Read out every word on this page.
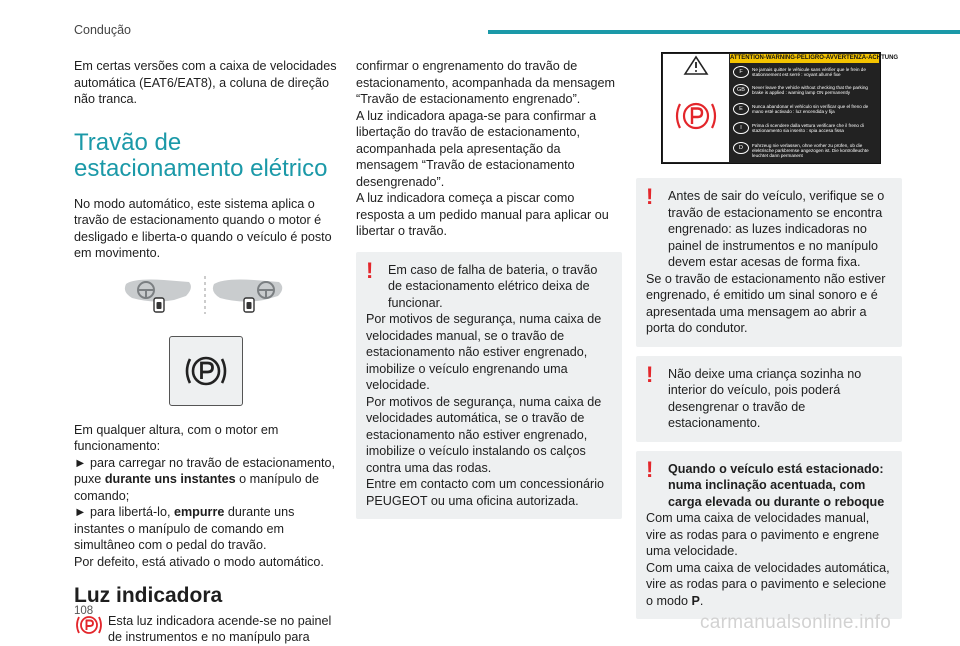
Condução

Em certas versões com a caixa de velocidades automática (EAT6/EAT8), a coluna de direção não tranca.

Travão de estacionamento elétrico

No modo automático, este sistema aplica o travão de estacionamento quando o motor é desligado e liberta-o quando o veículo é posto em movimento.

Em qualquer altura, com o motor em funcionamento:

► para carregar no travão de estacionamento, puxe durante uns instantes o manípulo de comando;

► para libertá-lo, empurre durante uns instantes o manípulo de comando em simultâneo com o pedal do travão.

Por defeito, está ativado o modo automático.

Luz indicadora

Esta luz indicadora acende-se no painel de instrumentos e no manípulo para

confirmar o engrenamento do travão de estacionamento, acompanhada da mensagem “Travão de estacionamento engrenado”.

A luz indicadora apaga-se para confirmar a libertação do travão de estacionamento, acompanhada pela apresentação da mensagem “Travão de estacionamento desengrenado”.

A luz indicadora começa a piscar como resposta a um pedido manual para aplicar ou libertar o travão.

!	Em caso de falha de bateria, o travão de estacionamento elétrico deixa de funcionar.

Por motivos de segurança, numa caixa de velocidades manual, se o travão de estacionamento não estiver engrenado, imobilize o veículo engrenando uma velocidade.

Por motivos de segurança, numa caixa de velocidades automática, se o travão de estacionamento não estiver engrenado, imobilize o veículo instalando os calços contra uma das rodas.

Entre em contacto com um concessionário PEUGEOT ou uma oficina autorizada.

ATTENTION-WARNING-PELIGRO-AVVERTENZA-ACHTUNG
F	Ne jamais quitter le véhicule sans vérifier que le frein de stationnement est serré : voyant allumé fixe
GB	Never leave the vehicle without checking that the parking brake is applied : warning lamp ON permanently
E	Nunca abandonar el vehículo sin verificar que el freno de mano esté activado : luz encendida y fija
I	Prima di scendere dalla vettura verificare che il freno di stazionamento sia inserito : spia accesa fissa
D	Fahrzeug nie verlassen, ohne vorher zu prüfen, ob die elektrische parkbremse angezogen ist. Die kontrolleuchte leuchtet dann permanent
!	Antes de sair do veículo, verifique se o travão de estacionamento se encontra engrenado: as luzes indicadoras no painel de instrumentos e no manípulo devem estar acesas de forma fixa.

Se o travão de estacionamento não estiver engrenado, é emitido um sinal sonoro e é apresentada uma mensagem ao abrir a porta do condutor.

!	Não deixe uma criança sozinha no interior do veículo, pois poderá desengrenar o travão de estacionamento.

!	Quando o veículo está estacionado: numa inclinação acentuada, com carga elevada ou durante o reboque

Com uma caixa de velocidades manual, vire as rodas para o pavimento e engrene uma velocidade.

Com uma caixa de velocidades automática, vire as rodas para o pavimento e selecione o modo P.

108
carmanualsonline.info
